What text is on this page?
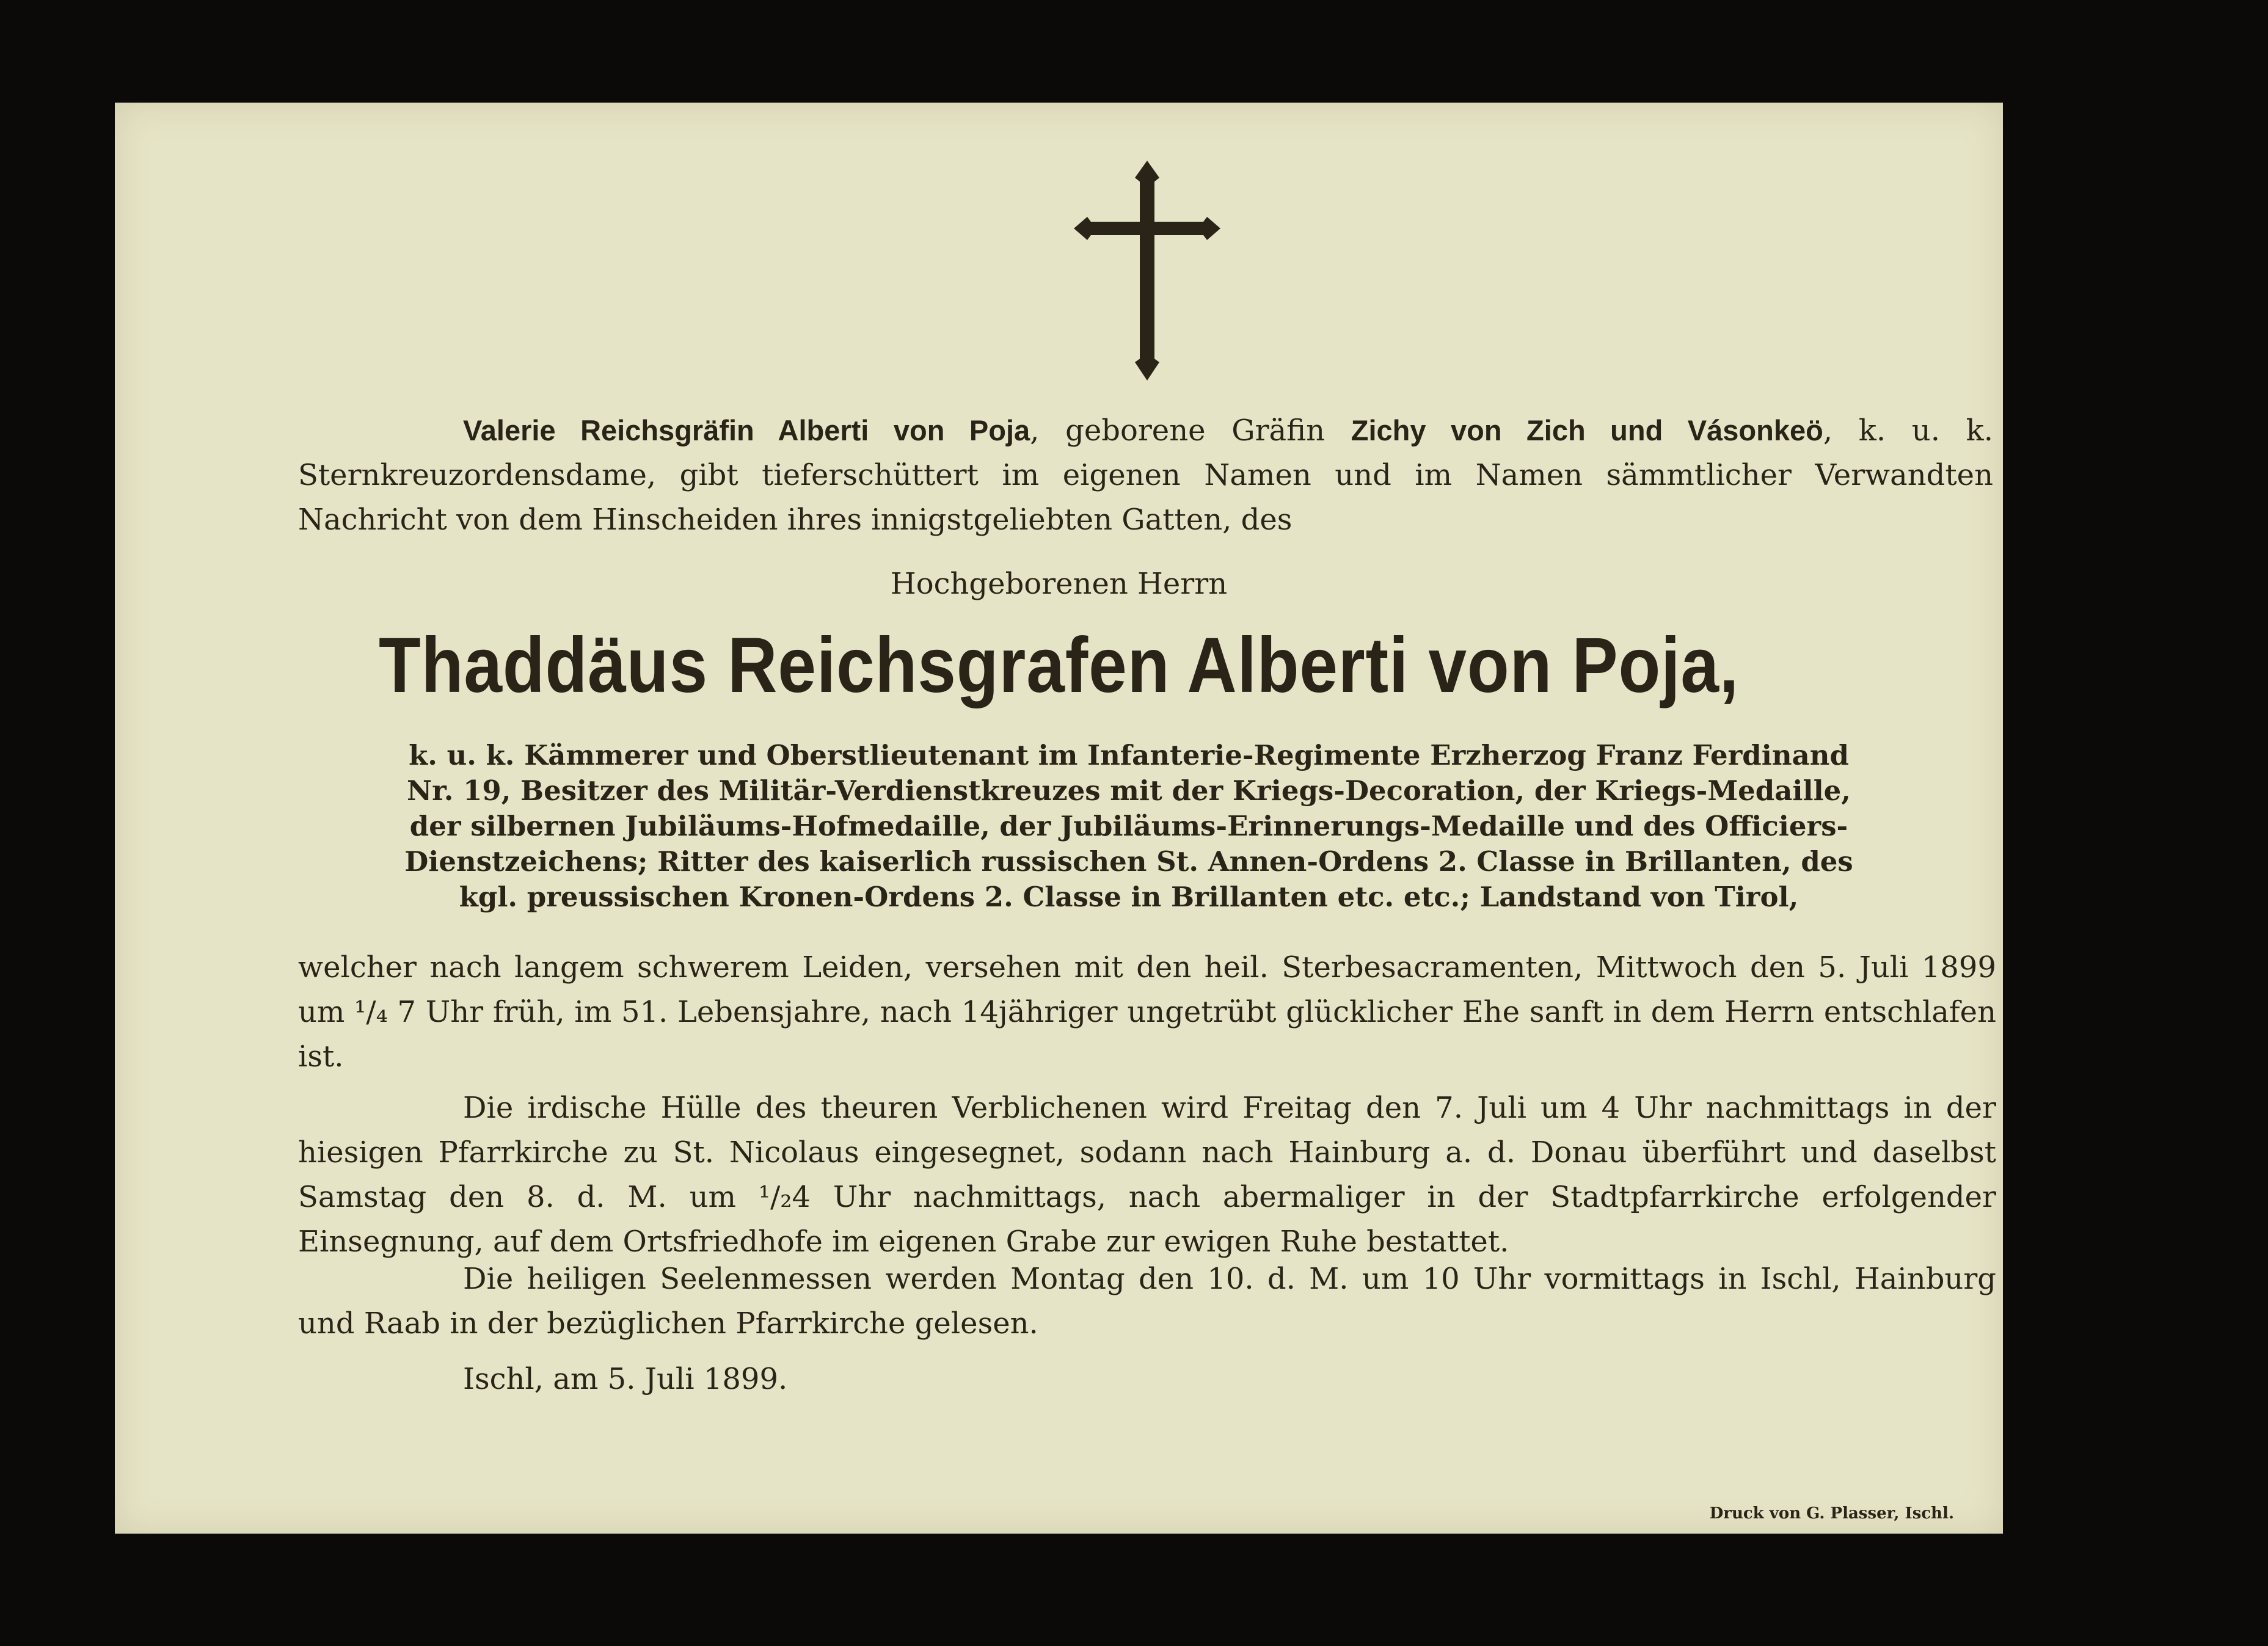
Valerie Reichsgräfin Alberti von Poja, geborene Gräfin Zichy von Zich und Vásonkeö, k. u. k. Sternkreuzordensdame, gibt tieferschüttert im eigenen Namen und im Namen sämmtlicher Verwandten Nachricht von dem Hinscheiden ihres innigstgeliebten Gatten, des

Hochgeborenen Herrn

Thaddäus Reichsgrafen Alberti von Poja,

k. u. k. Kämmerer und Oberstlieutenant im Infanterie-Regimente Erzherzog Franz Ferdinand Nr. 19, Besitzer des Militär-Verdienstkreuzes mit der Kriegs-Decoration, der Kriegs-Medaille, der silbernen Jubiläums-Hofmedaille, der Jubiläums-Erinnerungs-Medaille und des Officiers-Dienstzeichens; Ritter des kaiserlich russischen St. Annen-Ordens 2. Classe in Brillanten, des kgl. preussischen Kronen-Ordens 2. Classe in Brillanten etc. etc.; Landstand von Tirol,

welcher nach langem schwerem Leiden, versehen mit den heil. Sterbesacramenten, Mittwoch den 5. Juli 1899 um ¹/₄ 7 Uhr früh, im 51. Lebensjahre, nach 14jähriger ungetrübt glücklicher Ehe sanft in dem Herrn entschlafen ist.

Die irdische Hülle des theuren Verblichenen wird Freitag den 7. Juli um 4 Uhr nachmittags in der hiesigen Pfarrkirche zu St. Nicolaus eingesegnet, sodann nach Hainburg a. d. Donau überführt und daselbst Samstag den 8. d. M. um ¹/₂4 Uhr nachmittags, nach abermaliger in der Stadtpfarrkirche erfolgender Einsegnung, auf dem Ortsfriedhofe im eigenen Grabe zur ewigen Ruhe bestattet.

Die heiligen Seelenmessen werden Montag den 10. d. M. um 10 Uhr vormittags in Ischl, Hainburg und Raab in der bezüglichen Pfarrkirche gelesen.

Ischl, am 5. Juli 1899.

Druck von G. Plasser, Ischl.
